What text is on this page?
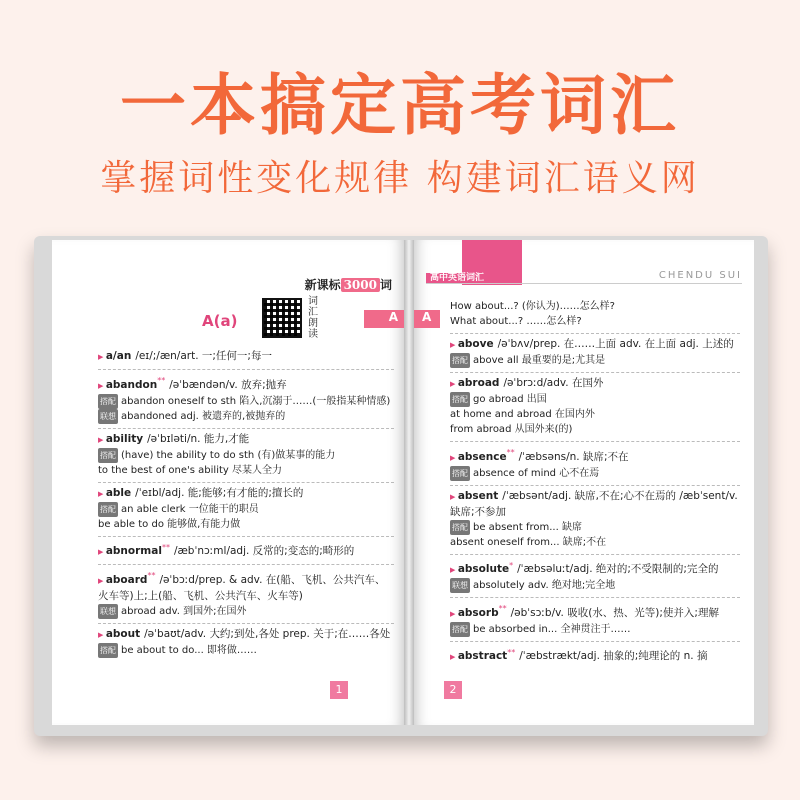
一本搞定高考词汇
掌握词性变化规律 构建词汇语义网
新课标 3000 词
A(a)
词汇朗读
A
▶ a/an /eɪ/;/æn/art. 一;任何一;每一
▶ abandon** /əˈbændən/v. 放弃;抛弃
搭配 abandon oneself to sth 陷入,沉溺于……(一般指某种情感)
联想 abandoned adj. 被遗弃的,被抛弃的
▶ ability /əˈbɪləti/n. 能力,才能
搭配 (have) the ability to do sth (有)做某事的能力
to the best of one's ability 尽某人全力
▶ able /ˈeɪbl/adj. 能;能够;有才能的;擅长的
搭配 an able clerk 一位能干的职员
be able to do 能够做,有能力做
▶ abnormal** /æbˈnɔːml/adj. 反常的;变态的;畸形的
▶ aboard** /əˈbɔːd/prep. & adv. 在(船、飞机、公共汽车、火车等)上;上(船、飞机、公共汽车、火车等)
联想 abroad adv. 到国外;在国外
▶ about /əˈbaʊt/adv. 大约;到处,各处 prep. 关于;在……各处
搭配 be about to do... 即将做……
1
A
高中英语词汇	CHENDU SUI
How about...? (你认为)……怎么样?
What about...? ……怎么样?
▶ above /əˈbʌv/prep. 在……上面 adv. 在上面 adj. 上述的
搭配 above all 最重要的是;尤其是
▶ abroad /əˈbrɔːd/adv. 在国外
搭配 go abroad 出国
at home and abroad 在国内外
from abroad 从国外来(的)
▶ absence** /ˈæbsəns/n. 缺席;不在
搭配 absence of mind 心不在焉
▶ absent /ˈæbsənt/adj. 缺席,不在;心不在焉的 /æbˈsent/v. 缺席;不参加
搭配 be absent from... 缺席
absent oneself from... 缺席;不在
▶ absolute* /ˈæbsəluːt/adj. 绝对的;不受限制的;完全的
联想 absolutely adv. 绝对地;完全地
▶ absorb** /əbˈsɔːb/v. 吸收(水、热、光等);使并入;理解
搭配 be absorbed in... 全神贯注于……
▶ abstract** /ˈæbstrækt/adj. 抽象的;纯理论的 n. 摘
2
